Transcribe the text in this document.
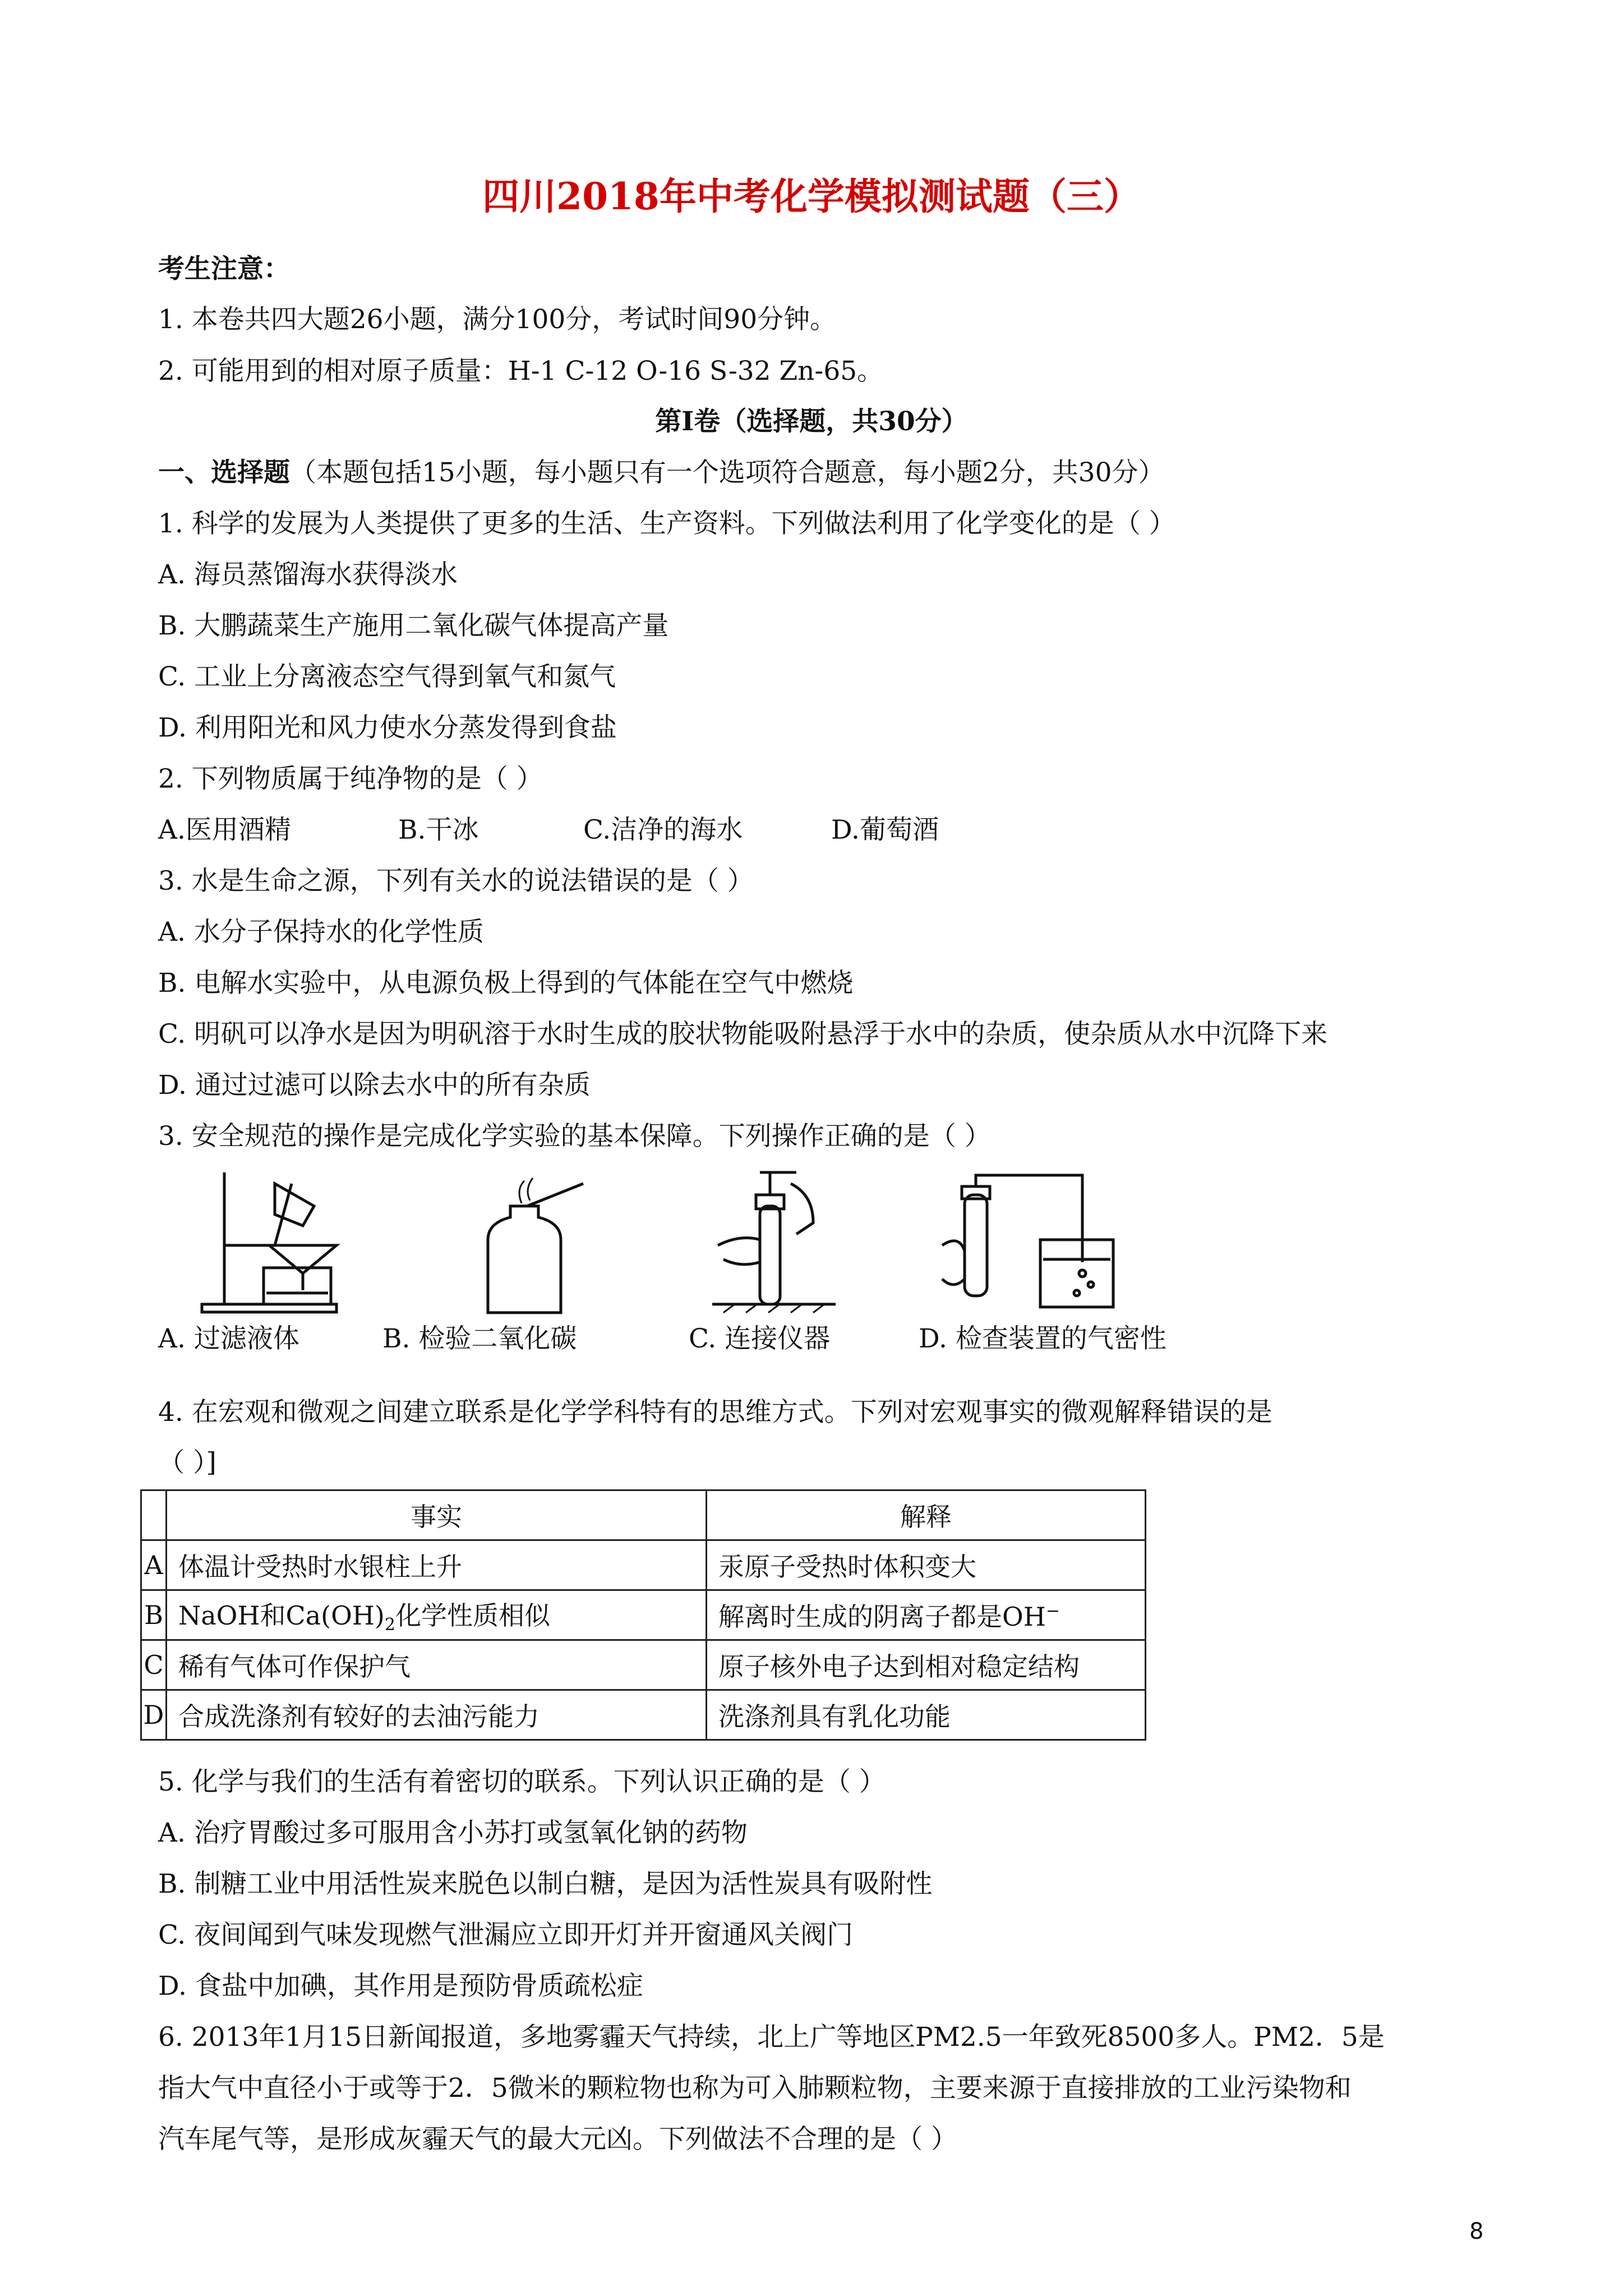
四川2018年中考化学模拟测试题（三）
考生注意：
1. 本卷共四大题26小题，满分100分，考试时间90分钟。
2. 可能用到的相对原子质量：H-1 C-12 O-16 S-32 Zn-65。
第Ⅰ卷（选择题，共30分）
一、选择题（本题包括15小题，每小题只有一个选项符合题意，每小题2分，共30分）
1. 科学的发展为人类提供了更多的生活、生产资料。下列做法利用了化学变化的是（ ）
A. 海员蒸馏海水获得淡水
B. 大鹏蔬菜生产施用二氧化碳气体提高产量
C. 工业上分离液态空气得到氧气和氮气
D. 利用阳光和风力使水分蒸发得到食盐
2. 下列物质属于纯净物的是（ ）
A.医用酒精	B.干冰	C.洁净的海水	D.葡萄酒
3. 水是生命之源，下列有关水的说法错误的是（ ）
A. 水分子保持水的化学性质
B. 电解水实验中，从电源负极上得到的气体能在空气中燃烧
C. 明矾可以净水是因为明矾溶于水时生成的胶状物能吸附悬浮于水中的杂质，使杂质从水中沉降下来
D. 通过过滤可以除去水中的所有杂质
3. 安全规范的操作是完成化学实验的基本保障。下列操作正确的是（ ）
A. 过滤液体	B. 检验二氧化碳	C. 连接仪器	D. 检查装置的气密性
4. 在宏观和微观之间建立联系是化学学科特有的思维方式。下列对宏观事实的微观解释错误的是
（ ）]
	事实	解释
A	体温计受热时水银柱上升	汞原子受热时体积变大
B	NaOH和$Ca(OH)_2$化学性质相似	解离时生成的阴离子都是OH−
C	稀有气体可作保护气	原子核外电子达到相对稳定结构
D	合成洗涤剂有较好的去油污能力	洗涤剂具有乳化功能
5. 化学与我们的生活有着密切的联系。下列认识正确的是（ ）
A. 治疗胃酸过多可服用含小苏打或氢氧化钠的药物
B. 制糖工业中用活性炭来脱色以制白糖，是因为活性炭具有吸附性
C. 夜间闻到气味发现燃气泄漏应立即开灯并开窗通风关阀门
D. 食盐中加碘，其作用是预防骨质疏松症
6. 2013年1月15日新闻报道，多地雾霾天气持续，北上广等地区PM2.5一年致死8500多人。PM2．5是
指大气中直径小于或等于2．5微米的颗粒物也称为可入肺颗粒物，主要来源于直接排放的工业污染物和
汽车尾气等，是形成灰霾天气的最大元凶。下列做法不合理的是（ ）
8
